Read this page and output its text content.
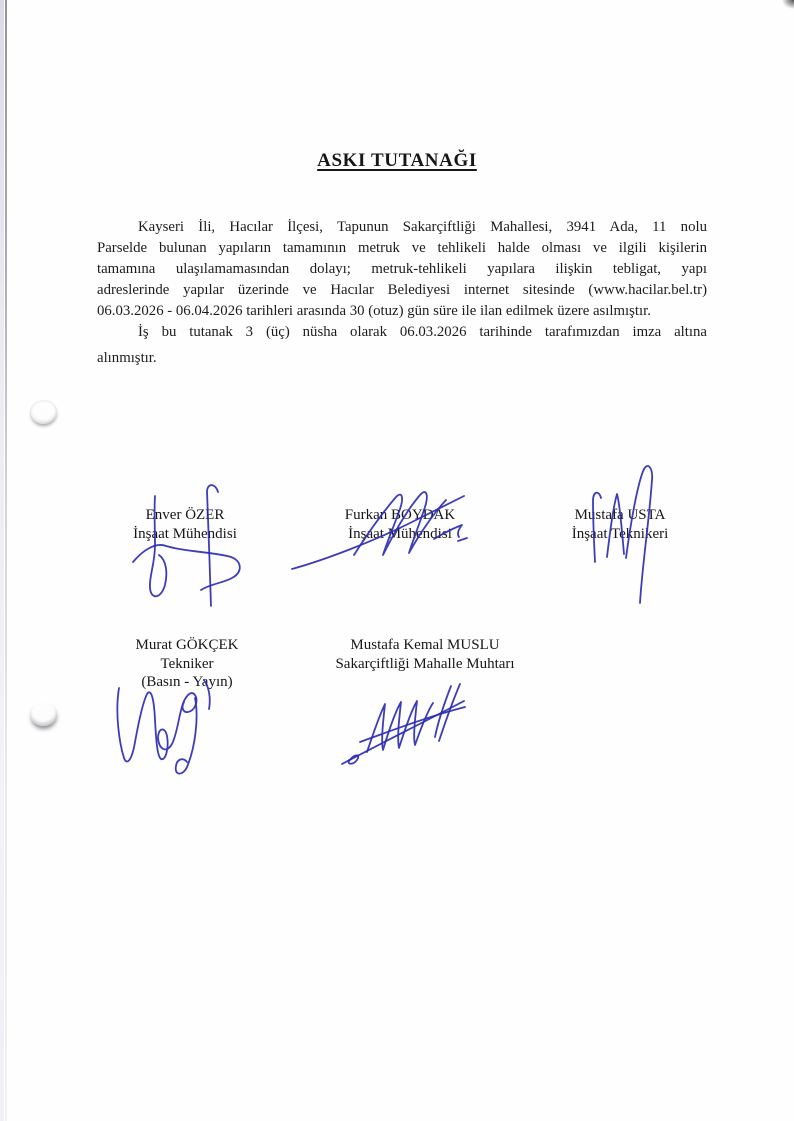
ASKI TUTANAĞI
Kayseri İli, Hacılar İlçesi, Tapunun Sakarçiftliği Mahallesi, 3941 Ada, 11 nolu
Parselde bulunan yapıların tamamının metruk ve tehlikeli halde olması ve ilgili kişilerin
tamamına ulaşılamamasından dolayı; metruk-tehlikeli yapılara ilişkin tebligat, yapı
adreslerinde yapılar üzerinde ve Hacılar Belediyesi internet sitesinde (www.hacilar.bel.tr)
06.03.2026 - 06.04.2026 tarihleri arasında 30 (otuz) gün süre ile ilan edilmek üzere asılmıştır.
İş bu tutanak 3 (üç) nüsha olarak 06.03.2026 tarihinde tarafımızdan imza altına
alınmıştır.
Enver ÖZER
İnşaat Mühendisi
Furkan BOYDAK
İnşaat Mühendisi
Mustafa USTA
İnşaat Teknikeri
Murat GÖKÇEK
Tekniker
(Basın - Yayın)
Mustafa Kemal MUSLU
Sakarçiftliği Mahalle Muhtarı
